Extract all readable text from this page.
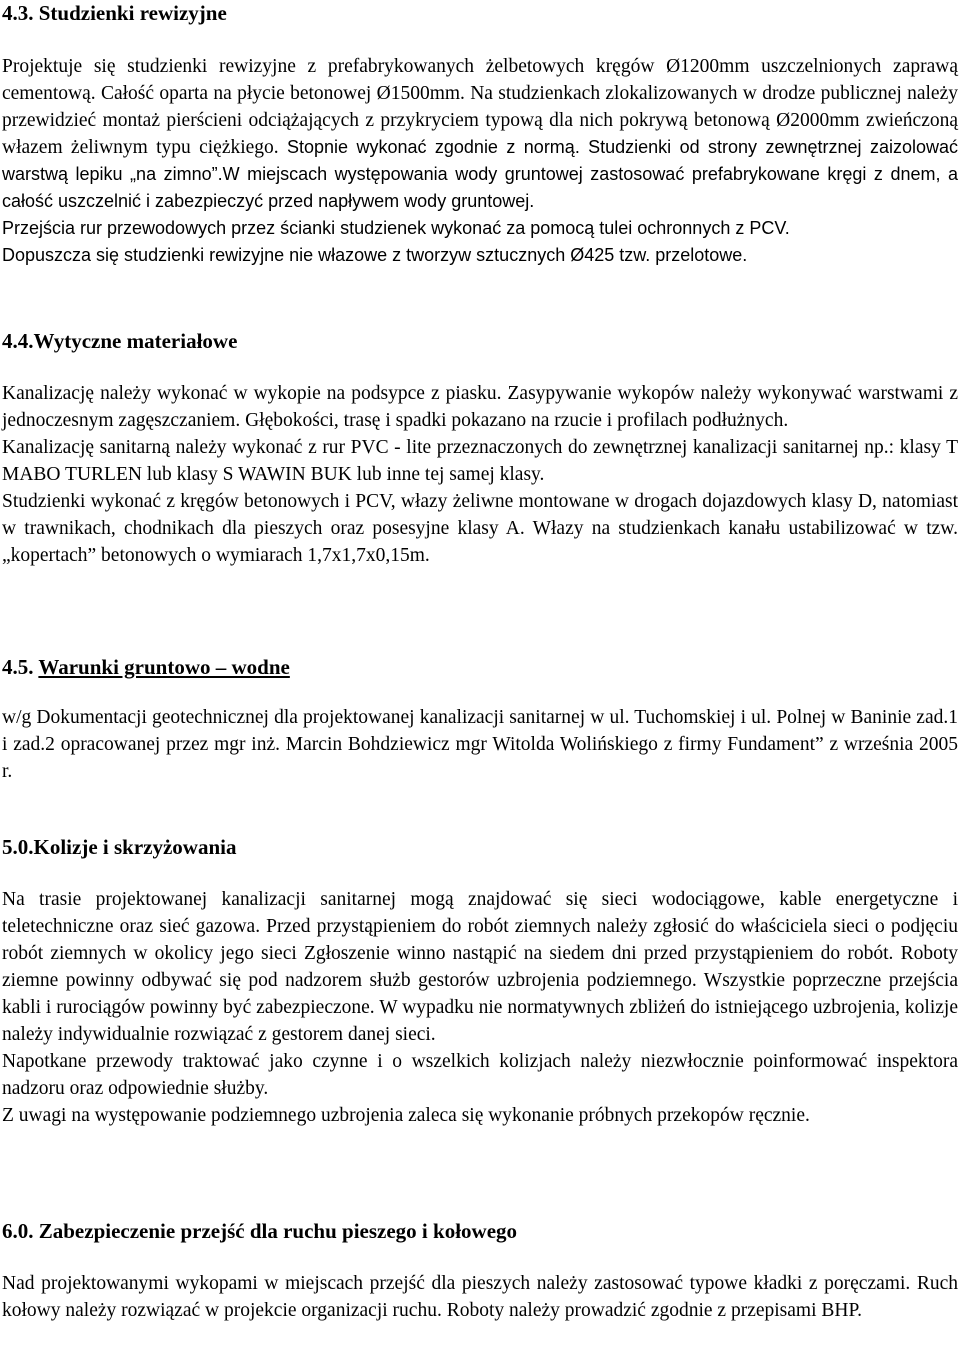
4.3. Studzienki rewizyjne

Projektuje się studzienki rewizyjne z prefabrykowanych żelbetowych kręgów Ø1200mm uszczelnionych zaprawą cementową. Całość oparta na płycie betonowej Ø1500mm. Na studzienkach zlokalizowanych w drodze publicznej należy przewidzieć montaż pierścieni odciążających z przykryciem typową dla nich pokrywą betonową Ø2000mm zwieńczoną włazem żeliwnym typu ciężkiego. Stopnie wykonać zgodnie z normą. Studzienki od strony zewnętrznej zaizolować warstwą lepiku „na zimno”.W miejscach występowania wody gruntowej zastosować prefabrykowane kręgi z dnem, a całość uszczelnić i zabezpieczyć przed napływem wody gruntowej.

Przejścia rur przewodowych przez ścianki studzienek wykonać za pomocą tulei ochronnych z PCV.

Dopuszcza się studzienki rewizyjne nie włazowe z tworzyw sztucznych Ø425 tzw. przelotowe.

4.4.Wytyczne materiałowe

Kanalizację należy wykonać w wykopie na podsypce z piasku. Zasypywanie wykopów należy wykonywać warstwami z jednoczesnym zagęszczaniem. Głębokości, trasę i spadki pokazano na rzucie i profilach podłużnych.

Kanalizację sanitarną należy wykonać z rur PVC - lite przeznaczonych do zewnętrznej kanalizacji sanitarnej np.: klasy T MABO TURLEN lub klasy S WAWIN BUK lub inne tej samej klasy.

Studzienki wykonać z kręgów betonowych i PCV, włazy żeliwne montowane w drogach dojazdowych klasy D, natomiast w trawnikach, chodnikach dla pieszych oraz posesyjne klasy A. Włazy na studzienkach kanału ustabilizować w tzw. „kopertach” betonowych o wymiarach 1,7x1,7x0,15m.

4.5. Warunki gruntowo – wodne

w/g Dokumentacji geotechnicznej dla projektowanej kanalizacji sanitarnej w ul. Tuchomskiej i ul. Polnej w Baninie zad.1 i zad.2 opracowanej przez mgr inż. Marcin Bohdziewicz mgr Witolda Wolińskiego z firmy Fundament” z września 2005 r.

5.0.Kolizje i skrzyżowania

Na trasie projektowanej kanalizacji sanitarnej mogą znajdować się sieci wodociągowe, kable energetyczne i teletechniczne oraz sieć gazowa. Przed przystąpieniem do robót ziemnych należy zgłosić do właściciela sieci o podjęciu robót ziemnych w okolicy jego sieci Zgłoszenie winno nastąpić na siedem dni przed przystąpieniem do robót. Roboty ziemne powinny odbywać się pod nadzorem służb gestorów uzbrojenia podziemnego. Wszystkie poprzeczne przejścia kabli i rurociągów powinny być zabezpieczone. W wypadku nie normatywnych zbliżeń do istniejącego uzbrojenia, kolizje należy indywidualnie rozwiązać z gestorem danej sieci.

Napotkane przewody traktować jako czynne i o wszelkich kolizjach należy niezwłocznie poinformować inspektora nadzoru oraz odpowiednie służby.

Z uwagi na występowanie podziemnego uzbrojenia zaleca się wykonanie próbnych przekopów ręcznie.

6.0. Zabezpieczenie przejść dla ruchu pieszego i kołowego

Nad projektowanymi wykopami w miejscach przejść dla pieszych należy zastosować typowe kładki z poręczami. Ruch kołowy należy rozwiązać w projekcie organizacji ruchu. Roboty należy prowadzić zgodnie z przepisami BHP.
